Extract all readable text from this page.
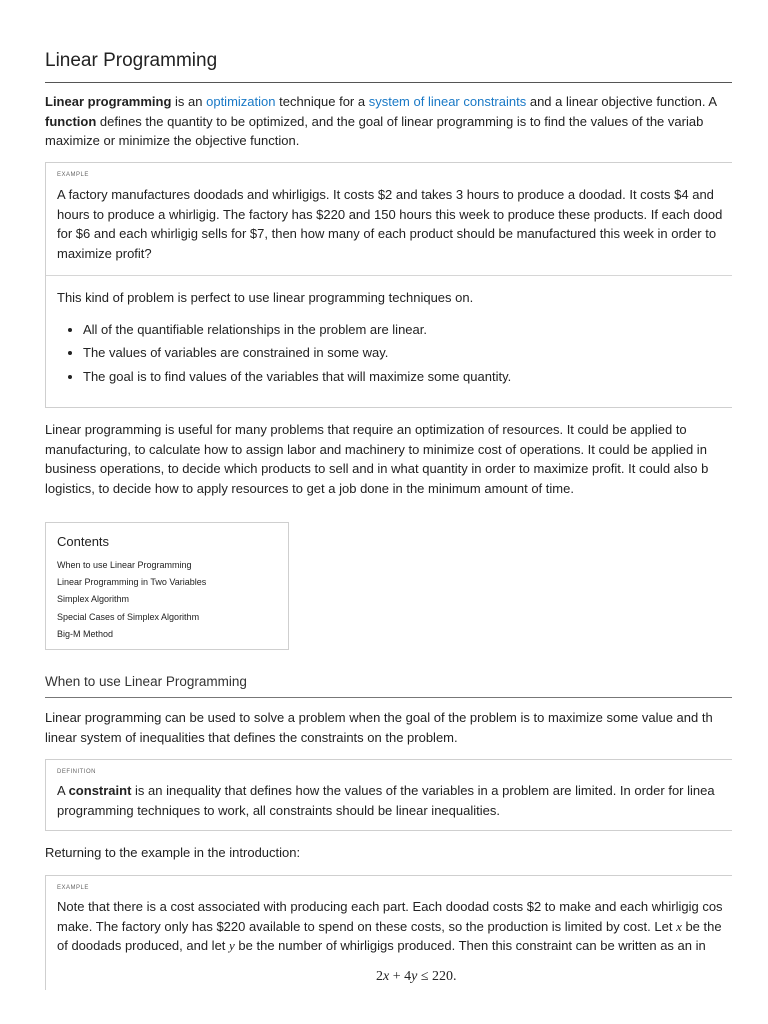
Linear Programming

Linear programming is an optimization technique for a system of linear constraints and a linear objective function. A

function defines the quantity to be optimized, and the goal of linear programming is to find the values of the variab

maximize or minimize the objective function.

EXAMPLE

A factory manufactures doodads and whirligigs. It costs $2 and takes 3 hours to produce a doodad. It costs $4 and

hours to produce a whirligig. The factory has $220 and 150 hours this week to produce these products. If each dood

for $6 and each whirligig sells for $7, then how many of each product should be manufactured this week in order to

maximize profit?

This kind of problem is perfect to use linear programming techniques on.

• All of the quantifiable relationships in the problem are linear.
• The values of variables are constrained in some way.
• The goal is to find values of the variables that will maximize some quantity.

Linear programming is useful for many problems that require an optimization of resources. It could be applied to

manufacturing, to calculate how to assign labor and machinery to minimize cost of operations. It could be applied in

business operations, to decide which products to sell and in what quantity in order to maximize profit. It could also b

logistics, to decide how to apply resources to get a job done in the minimum amount of time.

Contents
When to use Linear Programming
Linear Programming in Two Variables
Simplex Algorithm
Special Cases of Simplex Algorithm
Big-M Method
When to use Linear Programming

Linear programming can be used to solve a problem when the goal of the problem is to maximize some value and th

linear system of inequalities that defines the constraints on the problem.

DEFINITION

A constraint is an inequality that defines how the values of the variables in a problem are limited. In order for linea

programming techniques to work, all constraints should be linear inequalities.

Returning to the example in the introduction:

EXAMPLE

Note that there is a cost associated with producing each part. Each doodad costs $2 to make and each whirligig cos

make. The factory only has $220 available to spend on these costs, so the production is limited by cost. Let x be the

of doodads produced, and let y be the number of whirligigs produced. Then this constraint can be written as an in

2x + 4y ≤ 220.
